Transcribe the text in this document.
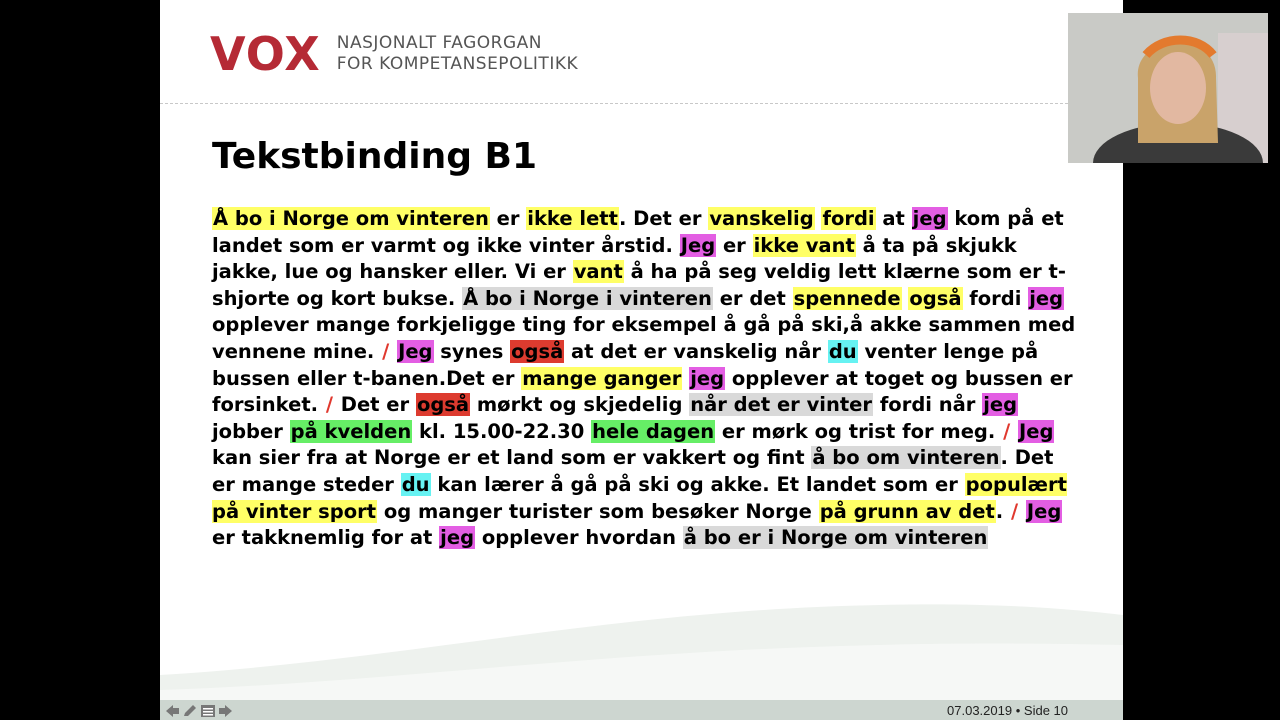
VOX NASJONALT FAGORGAN
FOR KOMPETANSEPOLITIKK
Tekstbinding B1
Å bo i Norge om vinteren er ikke lett. Det er vanskelig fordi at jeg kom på et landet som er varmt og ikke vinter årstid. Jeg er ikke vant å ta på skjukk jakke, lue og hansker eller. Vi er vant å ha på seg veldig lett klærne som er t-shjorte og kort bukse. Å bo i Norge i vinteren er det spennede også fordi jeg opplever mange forkjeligge ting for eksempel å gå på ski,å akke sammen med vennene mine. / Jeg synes også at det er vanskelig når du venter lenge på bussen eller t-banen.Det er mange ganger jeg opplever at toget og bussen er forsinket. / Det er også mørkt og skjedelig når det er vinter fordi når jeg jobber på kvelden kl. 15.00-22.30 hele dagen er mørk og trist for meg. / Jeg kan sier fra at Norge er et land som er vakkert og fint å bo om vinteren. Det er mange steder du kan lærer å gå på ski og akke. Et landet som er populært på vinter sport og manger turister som besøker Norge på grunn av det. / Jeg er takknemlig for at jeg opplever hvordan å bo er i Norge om vinteren
07.03.2019 • Side 10
